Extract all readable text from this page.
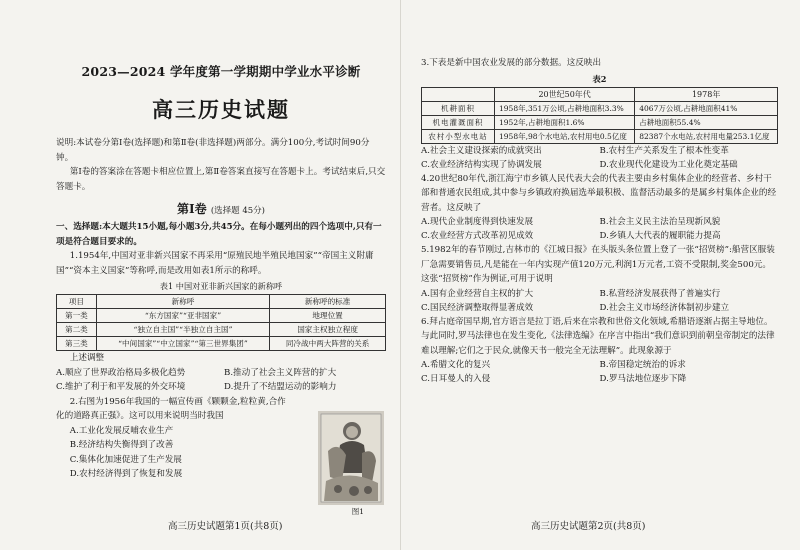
2023—2024 学年度第一学期期中学业水平诊断

高三历史试题

说明:本试卷分第Ⅰ卷(选择题)和第Ⅱ卷(非选择题)两部分。满分100分,考试时间90分钟。

第Ⅰ卷的答案涂在答题卡相应位置上,第Ⅱ卷答案直接写在答题卡上。考试结束后,只交答题卡。

第Ⅰ卷 (选择题 45分)

一、选择题:本大题共15小题,每小题3分,共45分。在每小题列出的四个选项中,只有一项是符合题目要求的。

1.1954年,中国对亚非新兴国家不再采用“原殖民地半殖民地国家”“帝国主义附庸国”“资本主义国家”等称呼,而是改用如表1所示的称呼。

表1 中国对亚非新兴国家的新称呼

项目	新称呼	新称呼的标准
第一类	“东方国家”“亚非国家”	地理位置
第二类	“独立自主国”“半独立自主国”	国家主权独立程度
第三类	“中间国家”“中立国家”“第三世界集团”	同冷战中两大阵营的关系

上述调整

A.顺应了世界政治格局多极化趋势	B.推动了社会主义阵营的扩大
C.维护了利于和平发展的外交环境	D.提升了不结盟运动的影响力

2.右图为1956年我国的一幅宣传画《颗颗金,粒粒黄,合作化的道路真正强》。这可以用来说明当时我国

A.工业化发展反哺农业生产

B.经济结构失衡得到了改善

C.集体化加速促进了生产发展

D.农村经济得到了恢复和发展

图1
高三历史试题第1页(共8页)

3.下表是新中国农业发展的部分数据。这反映出

表2

	20世纪50年代	1978年
机耕面积	1958年,351万公顷,占耕地面积3.3%	4067万公顷,占耕地面积41%
机电灌溉面积	1952年,占耕地面积1.6%	占耕地面积55.4%
农村小型水电站	1958年,98个水电站,农村用电0.5亿度	82387个水电站,农村用电量253.1亿度
A.社会主义建设探索的成就突出	B.农村生产关系发生了根本性变革
C.农业经济结构实现了协调发展	D.农业现代化建设为工业化奠定基础

4.20世纪80年代,浙江海宁市乡镇人民代表大会的代表主要由乡村集体企业的经营者、乡村干部和普通农民组成,其中参与乡镇政府换届选举最积极、监督活动最多的是属乡村集体企业的经营者。这反映了

A.现代企业制度得到快速发展	B.社会主义民主法治呈现新风貌
C.农业经营方式改革初见成效	D.乡镇人大代表的履职能力提高

5.1982年的春节刚过,吉林市的《江城日报》在头版头条位置上登了一张“招贤榜”:船营区服装厂急需要销售员,凡是能在一年内实现产值120万元,利润1万元者,工资不受限制,奖金500元。这张“招贤榜”作为例证,可用于说明

A.国有企业经营自主权的扩大	B.私营经济发展获得了普遍实行
C.国民经济调整取得显著成效	D.社会主义市场经济体制初步建立

6.拜占庭帝国早期,官方语言是拉丁语,后来在宗教和世俗文化领域,希腊语逐渐占据主导地位。与此同时,罗马法律也在发生变化,《法律选编》在序言中指出“我们意识到前朝皇帝制定的法律难以理解;它们之于民众,就像天书一般完全无法理解”。此现象源于

A.希腊文化的复兴	B.帝国稳定统治的诉求
C.日耳曼人的入侵	D.罗马法地位逐步下降
高三历史试题第2页(共8页)
